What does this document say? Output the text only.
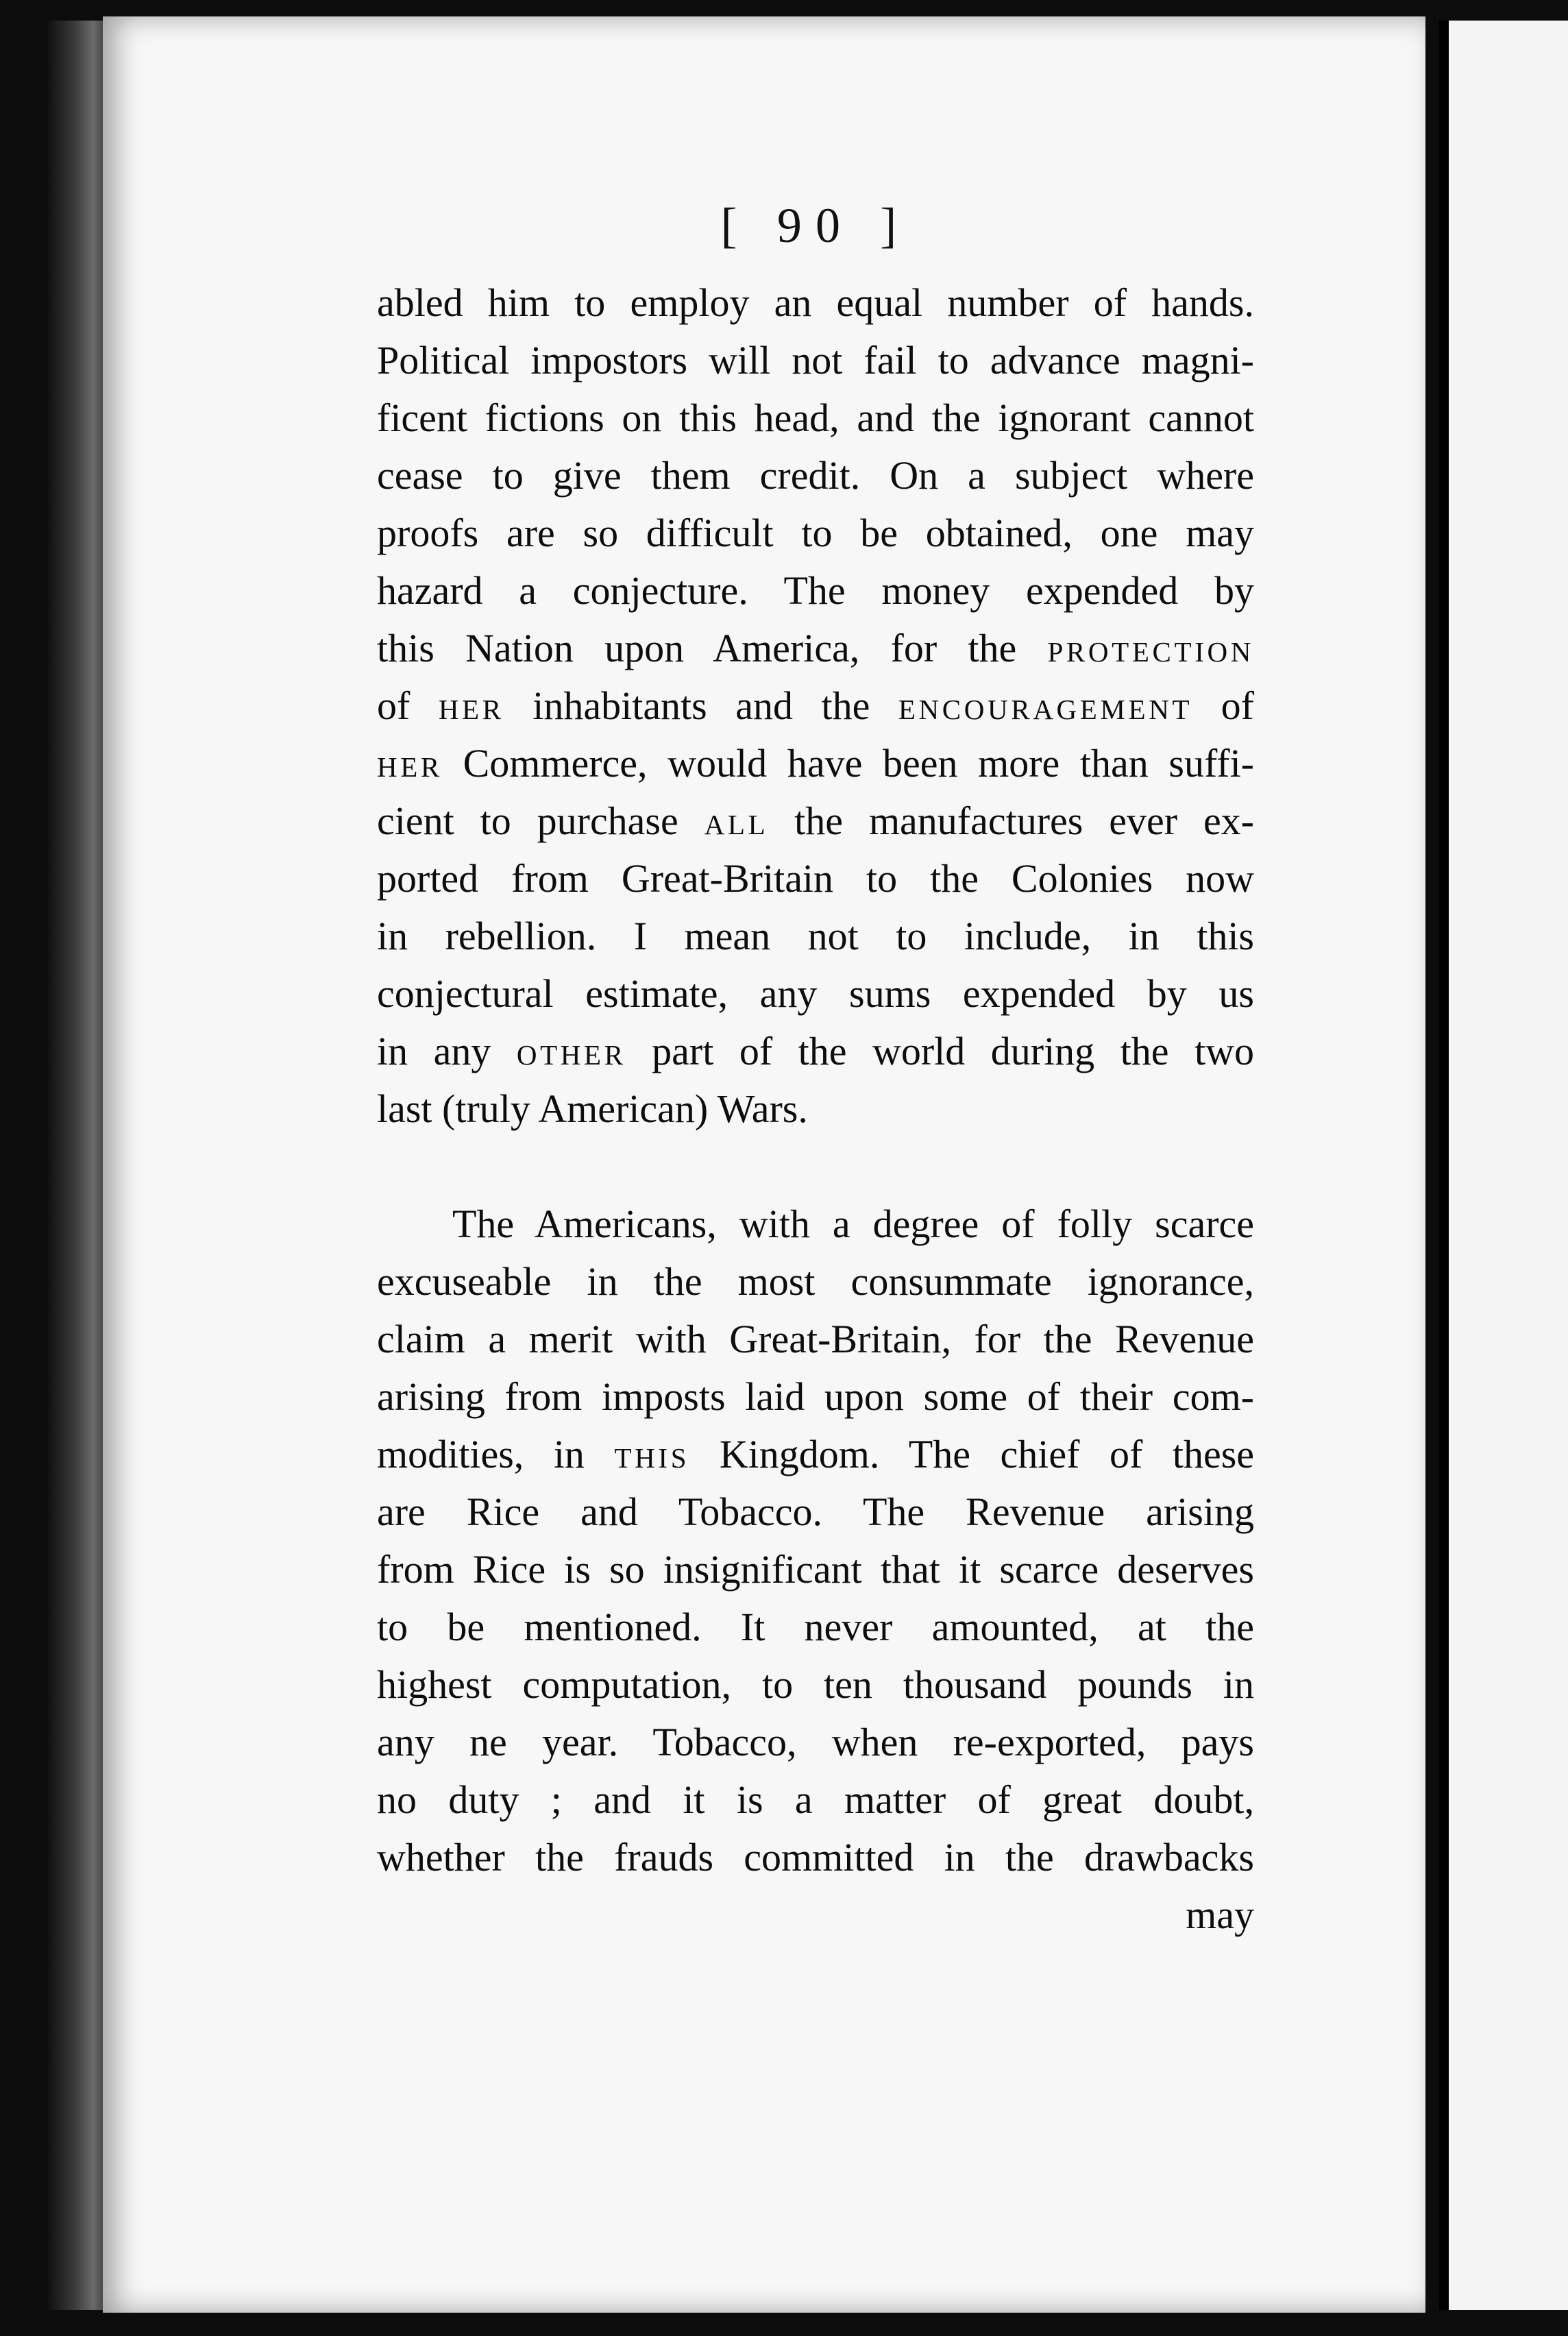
[ 90 ]
abled him to employ an equal number of hands.
Political impostors will not fail to advance magni-
ficent fictions on this head, and the ignorant cannot
cease to give them credit. On a subject where
proofs are so difficult to be obtained, one may
hazard a conjecture. The money expended by
this Nation upon America, for the protection
of her inhabitants and the encouragement of
her Commerce, would have been more than suffi-
cient to purchase all the manufactures ever ex-
ported from Great-Britain to the Colonies now
in rebellion. I mean not to include, in this
conjectural estimate, any sums expended by us
in any other part of the world during the two
last (truly American) Wars.
The Americans, with a degree of folly scarce
excuseable in the most consummate ignorance,
claim a merit with Great-Britain, for the Revenue
arising from imposts laid upon some of their com-
modities, in this Kingdom. The chief of these
are Rice and Tobacco. The Revenue arising
from Rice is so insignificant that it scarce deserves
to be mentioned. It never amounted, at the
highest computation, to ten thousand pounds in
any ne year. Tobacco, when re-exported, pays
no duty ; and it is a matter of great doubt,
whether the frauds committed in the drawbacks
may
